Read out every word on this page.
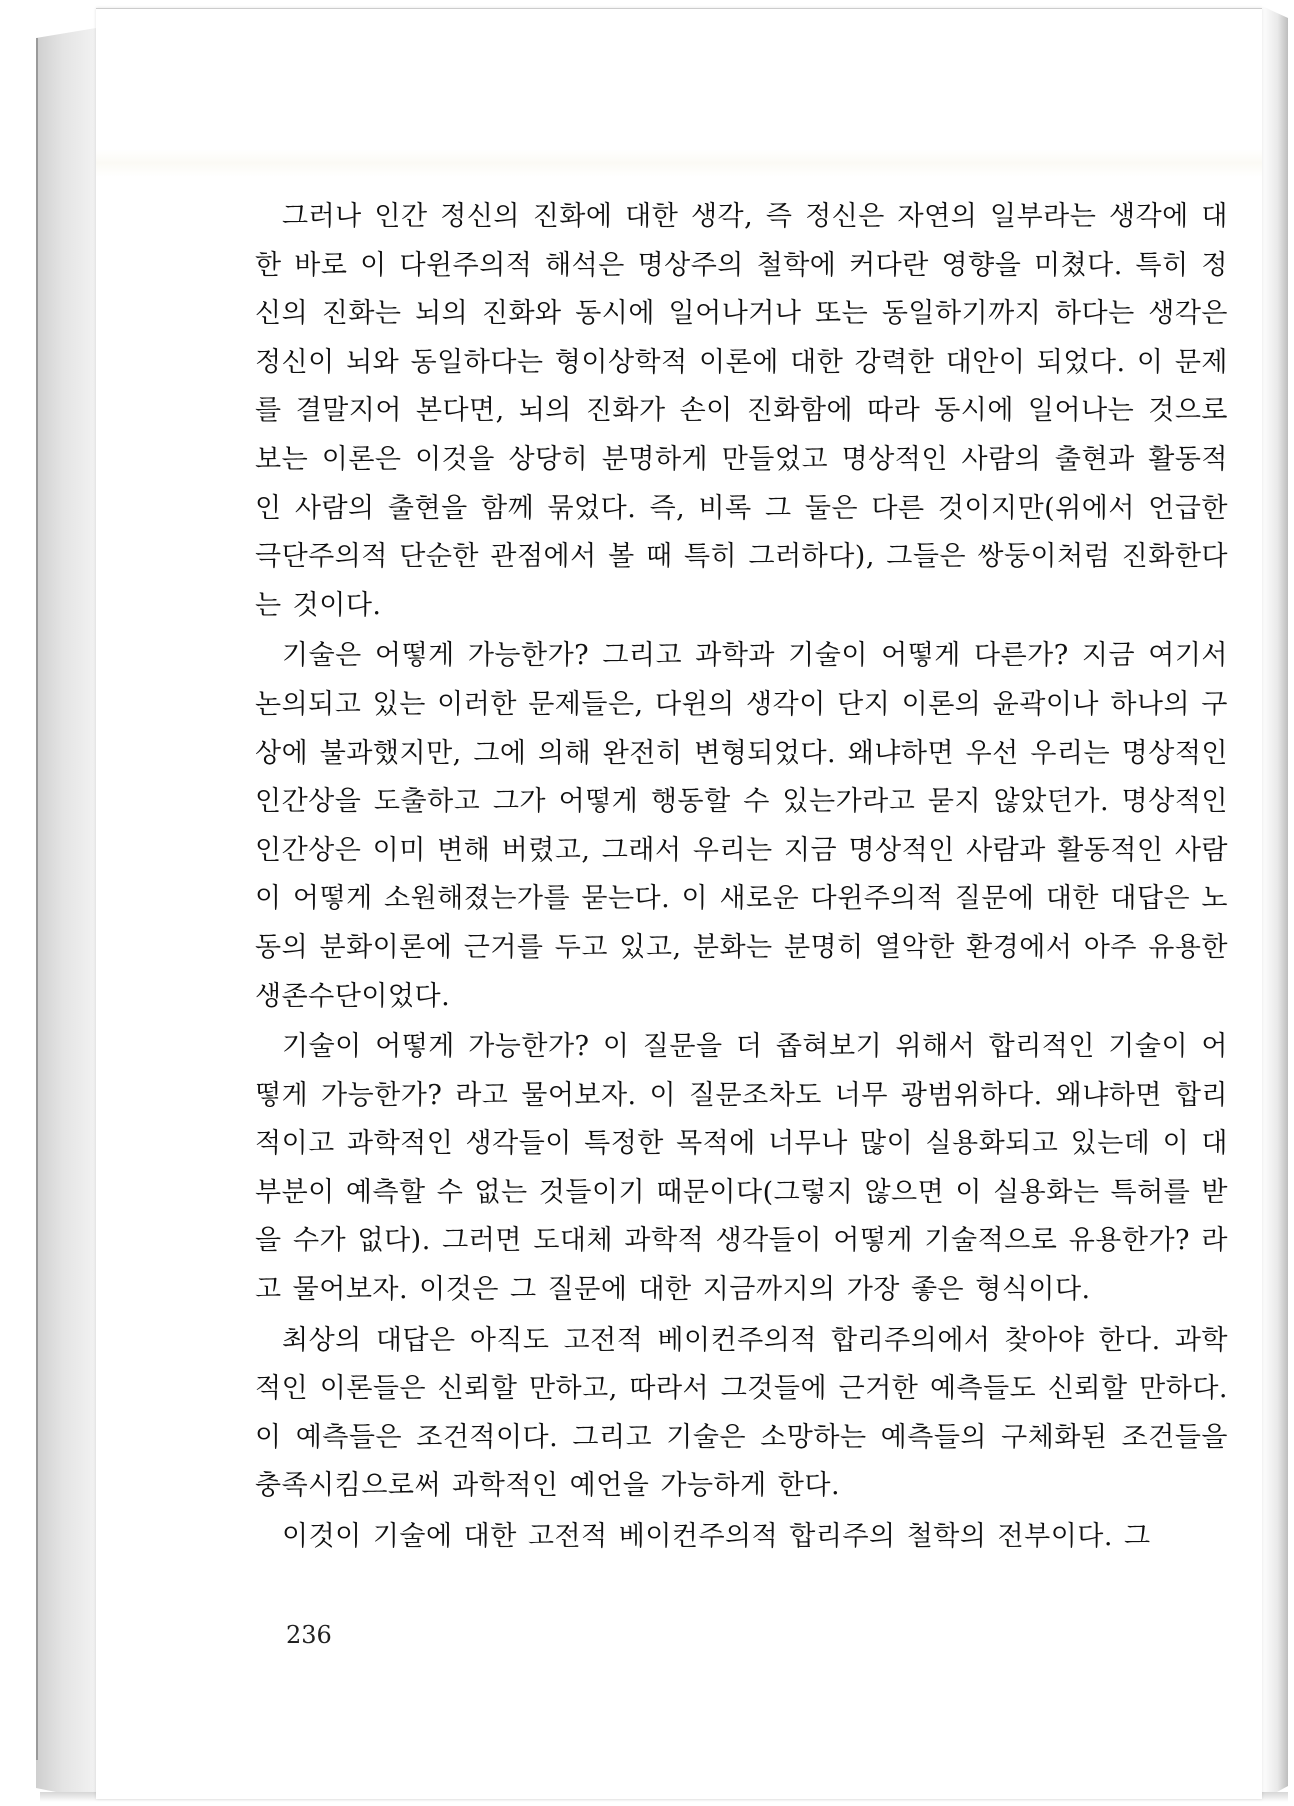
그러나 인간 정신의 진화에 대한 생각, 즉 정신은 자연의 일부라는 생각에 대한 바로 이 다윈주의적 해석은 명상주의 철학에 커다란 영향을 미쳤다. 특히 정신의 진화는 뇌의 진화와 동시에 일어나거나 또는 동일하기까지 하다는 생각은 정신이 뇌와 동일하다는 형이상학적 이론에 대한 강력한 대안이 되었다. 이 문제를 결말지어 본다면, 뇌의 진화가 손이 진화함에 따라 동시에 일어나는 것으로 보는 이론은 이것을 상당히 분명하게 만들었고 명상적인 사람의 출현과 활동적인 사람의 출현을 함께 묶었다. 즉, 비록 그 둘은 다른 것이지만(위에서 언급한 극단주의적 단순한 관점에서 볼 때 특히 그러하다), 그들은 쌍둥이처럼 진화한다는 것이다.

기술은 어떻게 가능한가? 그리고 과학과 기술이 어떻게 다른가? 지금 여기서 논의되고 있는 이러한 문제들은, 다윈의 생각이 단지 이론의 윤곽이나 하나의 구상에 불과했지만, 그에 의해 완전히 변형되었다. 왜냐하면 우선 우리는 명상적인 인간상을 도출하고 그가 어떻게 행동할 수 있는가라고 묻지 않았던가. 명상적인 인간상은 이미 변해 버렸고, 그래서 우리는 지금 명상적인 사람과 활동적인 사람이 어떻게 소원해졌는가를 묻는다. 이 새로운 다윈주의적 질문에 대한 대답은 노동의 분화이론에 근거를 두고 있고, 분화는 분명히 열악한 환경에서 아주 유용한 생존수단이었다.

기술이 어떻게 가능한가? 이 질문을 더 좁혀보기 위해서 합리적인 기술이 어떻게 가능한가? 라고 물어보자. 이 질문조차도 너무 광범위하다. 왜냐하면 합리적이고 과학적인 생각들이 특정한 목적에 너무나 많이 실용화되고 있는데 이 대부분이 예측할 수 없는 것들이기 때문이다(그렇지 않으면 이 실용화는 특허를 받을 수가 없다). 그러면 도대체 과학적 생각들이 어떻게 기술적으로 유용한가? 라고 물어보자. 이것은 그 질문에 대한 지금까지의 가장 좋은 형식이다.

최상의 대답은 아직도 고전적 베이컨주의적 합리주의에서 찾아야 한다. 과학적인 이론들은 신뢰할 만하고, 따라서 그것들에 근거한 예측들도 신뢰할 만하다. 이 예측들은 조건적이다. 그리고 기술은 소망하는 예측들의 구체화된 조건들을 충족시킴으로써 과학적인 예언을 가능하게 한다.

이것이 기술에 대한 고전적 베이컨주의적 합리주의 철학의 전부이다. 그

236
